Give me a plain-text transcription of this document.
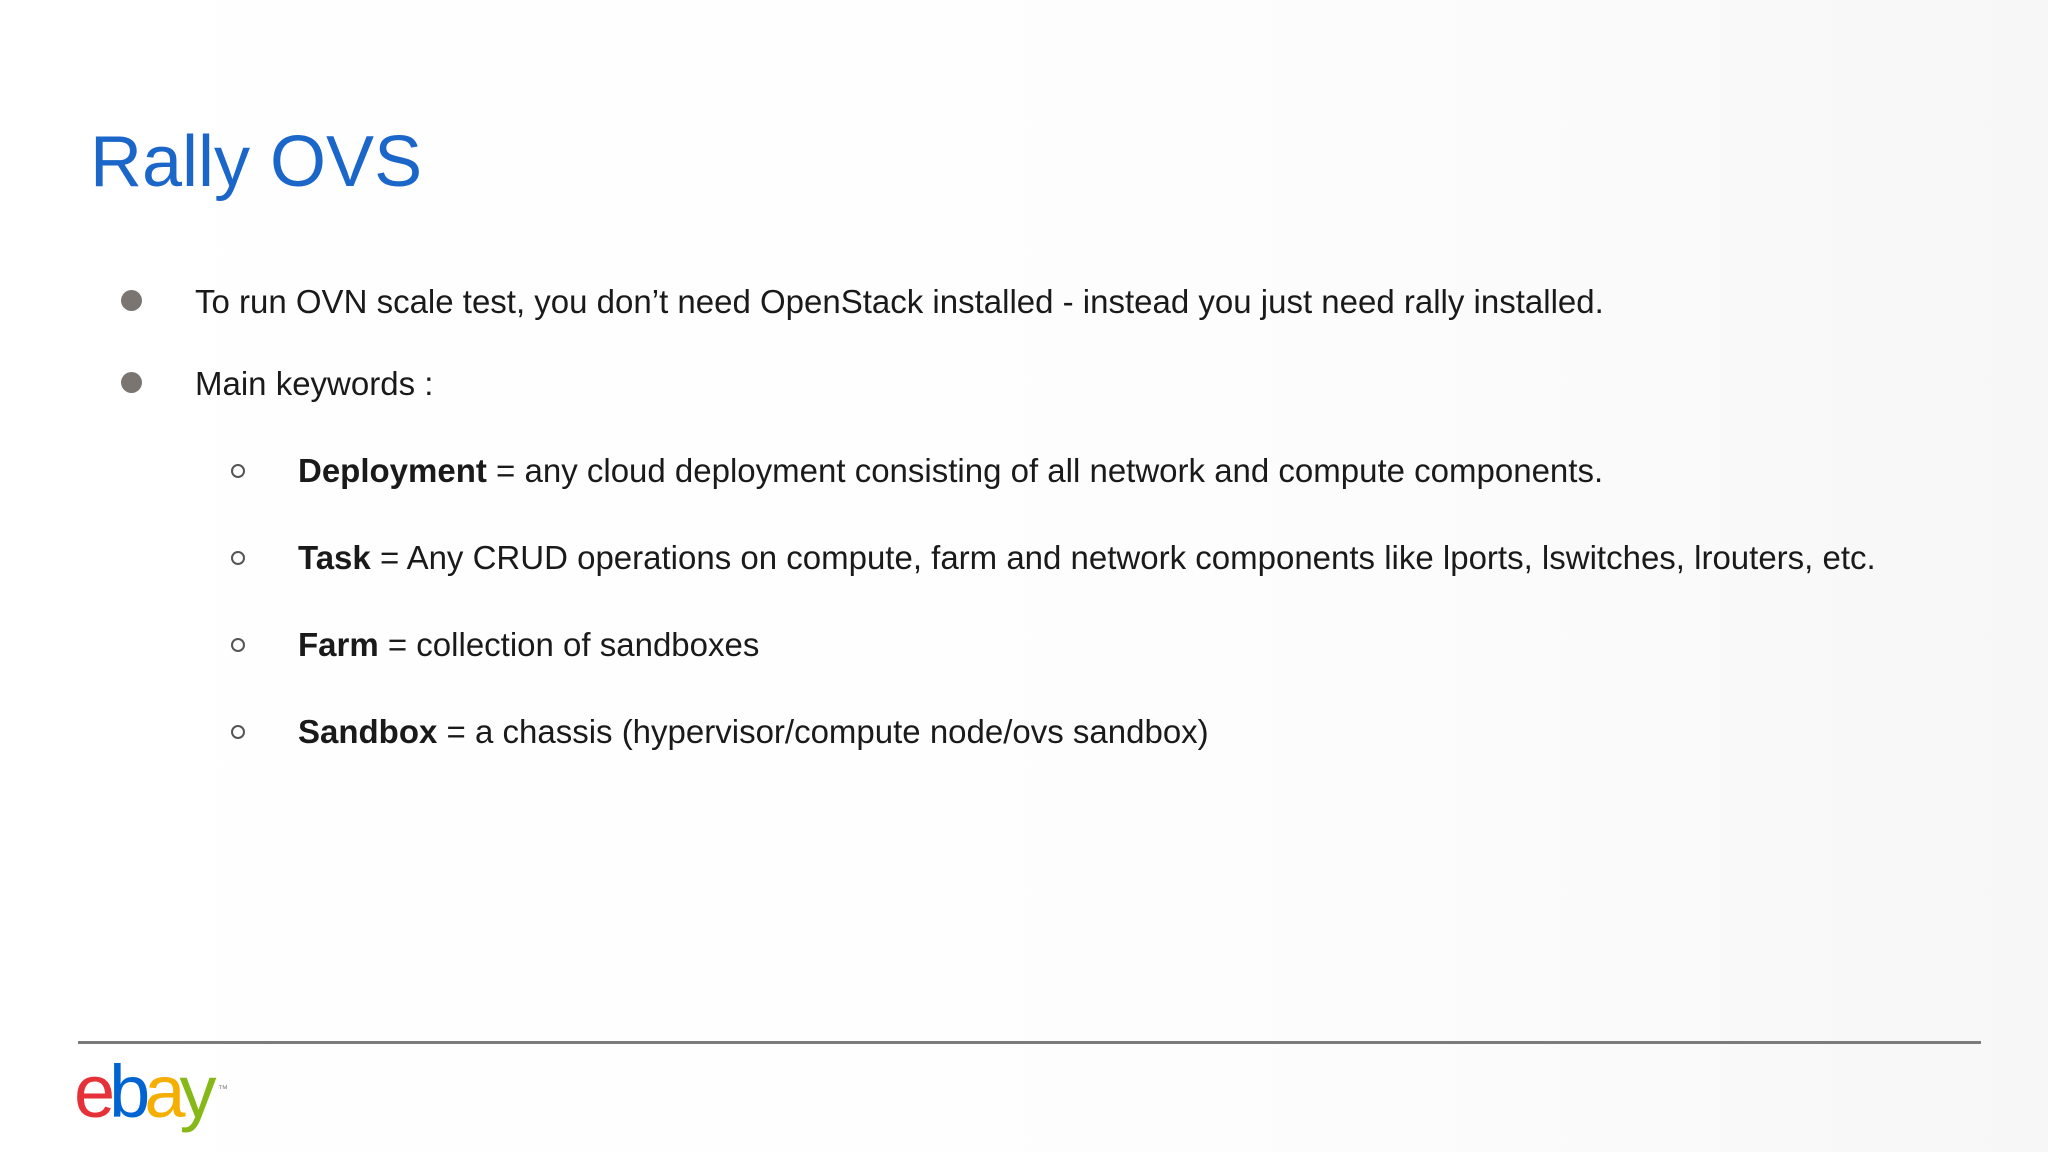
Rally OVS
To run OVN scale test, you don’t need OpenStack installed - instead you just need rally installed.
Main keywords :
Deployment = any cloud deployment consisting of all network and compute components.
Task = Any CRUD operations on compute, farm and network components like lports, lswitches, lrouters, etc.
Farm = collection of sandboxes
Sandbox = a chassis (hypervisor/compute node/ovs sandbox)
ebay ™
